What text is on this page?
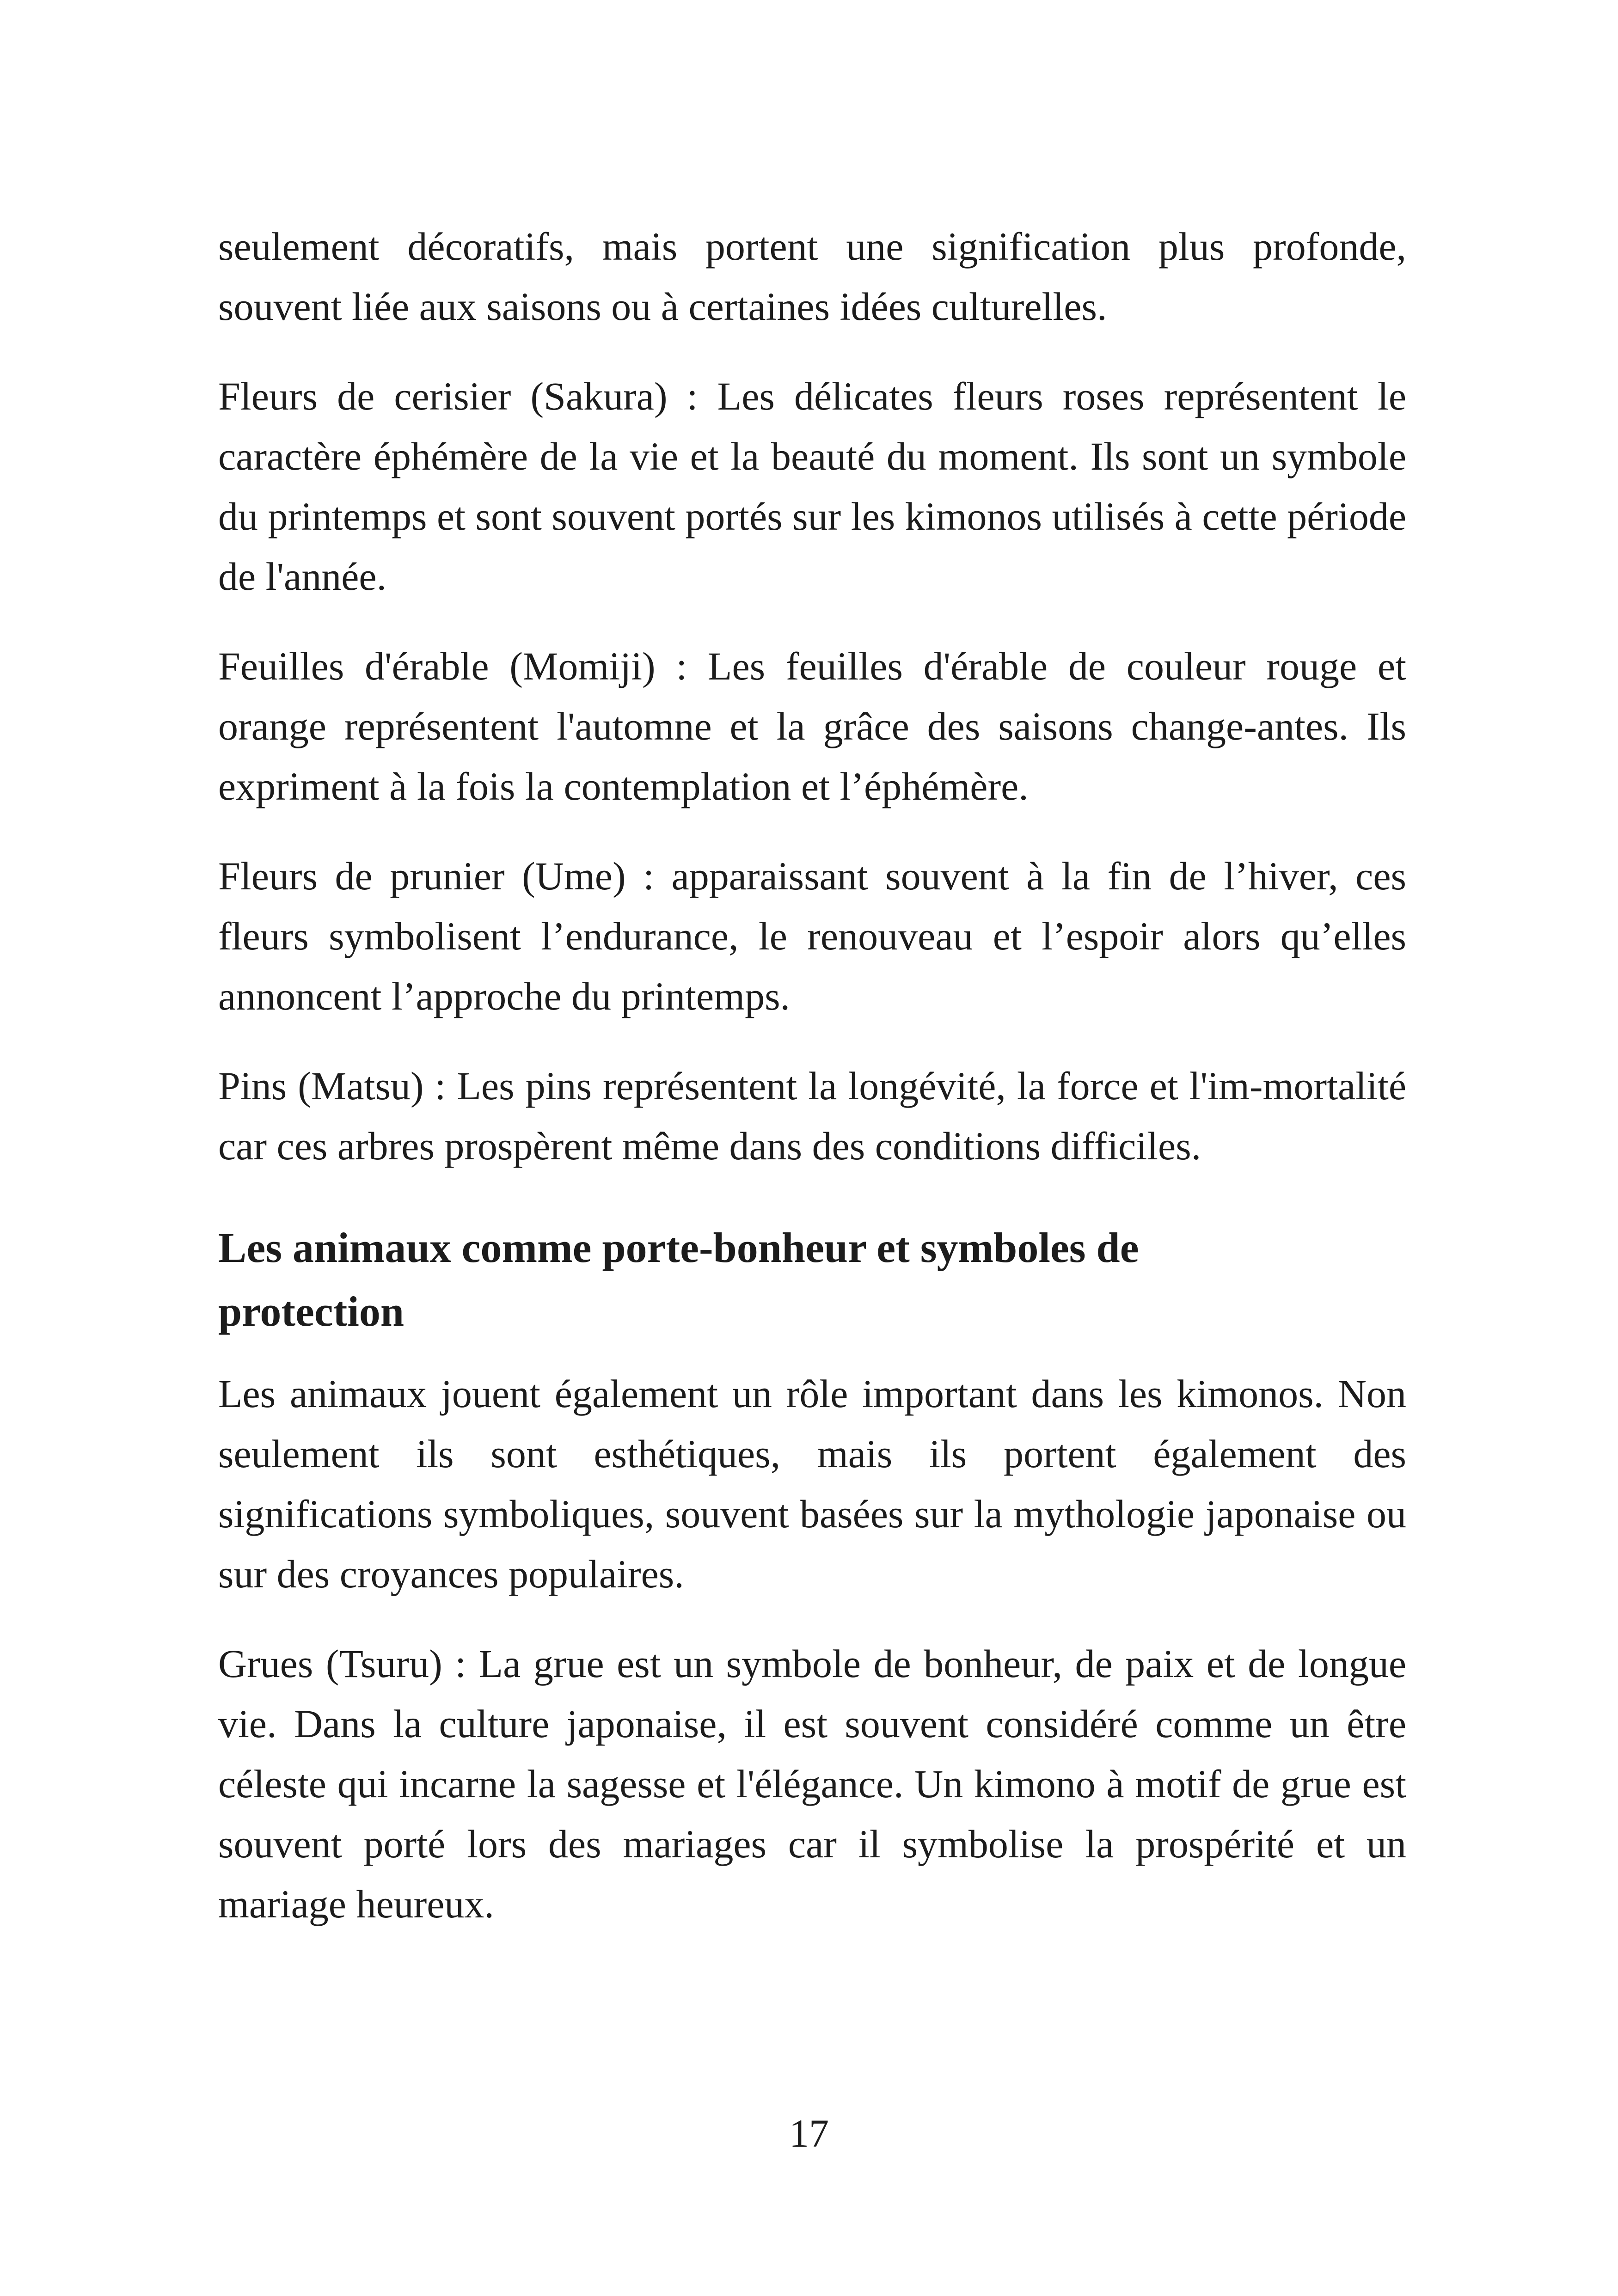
seulement décoratifs, mais portent une signification plus profonde, souvent liée aux saisons ou à certaines idées culturelles.

Fleurs de cerisier (Sakura) : Les délicates fleurs roses représentent le caractère éphémère de la vie et la beauté du moment. Ils sont un symbole du printemps et sont souvent portés sur les kimonos utilisés à cette période de l'année.

Feuilles d'érable (Momiji) : Les feuilles d'érable de couleur rouge et orange représentent l'automne et la grâce des saisons change-antes. Ils expriment à la fois la contemplation et l’éphémère.

Fleurs de prunier (Ume) : apparaissant souvent à la fin de l’hiver, ces fleurs symbolisent l’endurance, le renouveau et l’espoir alors qu’elles annoncent l’approche du printemps.

Pins (Matsu) : Les pins représentent la longévité, la force et l'im-mortalité car ces arbres prospèrent même dans des conditions difficiles.

Les animaux comme porte-bonheur et symboles de protection

Les animaux jouent également un rôle important dans les kimonos. Non seulement ils sont esthétiques, mais ils portent également des significations symboliques, souvent basées sur la mythologie japonaise ou sur des croyances populaires.

Grues (Tsuru) : La grue est un symbole de bonheur, de paix et de longue vie. Dans la culture japonaise, il est souvent considéré comme un être céleste qui incarne la sagesse et l'élégance. Un kimono à motif de grue est souvent porté lors des mariages car il symbolise la prospérité et un mariage heureux.

17
